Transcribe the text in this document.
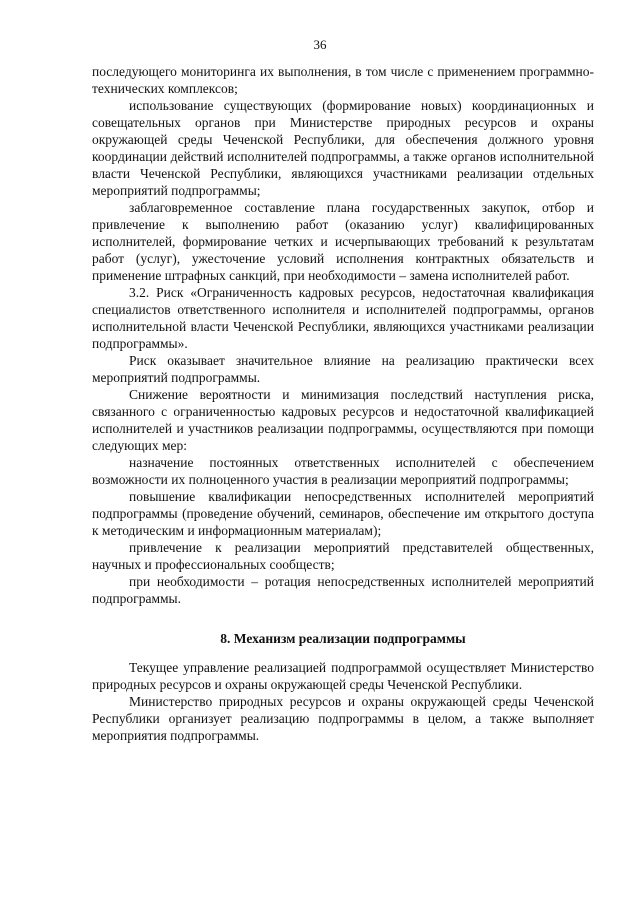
36

последующего мониторинга их выполнения, в том числе с применением программно-технических комплексов;

использование существующих (формирование новых) координационных и совещательных органов при Министерстве природных ресурсов и охраны окружающей среды Чеченской Республики, для обеспечения должного уровня координации действий исполнителей подпрограммы, а также органов исполнительной власти Чеченской Республики, являющихся участниками реализации отдельных мероприятий подпрограммы;

заблаговременное составление плана государственных закупок, отбор и привлечение к выполнению работ (оказанию услуг) квалифицированных исполнителей, формирование четких и исчерпывающих требований к результатам работ (услуг), ужесточение условий исполнения контрактных обязательств и применение штрафных санкций, при необходимости – замена исполнителей работ.

3.2. Риск «Ограниченность кадровых ресурсов, недостаточная квалификация специалистов ответственного исполнителя и исполнителей подпрограммы, органов исполнительной власти Чеченской Республики, являющихся участниками реализации подпрограммы».

Риск оказывает значительное влияние на реализацию практически всех мероприятий подпрограммы.

Снижение вероятности и минимизация последствий наступления риска, связанного с ограниченностью кадровых ресурсов и недостаточной квалификацией исполнителей и участников реализации подпрограммы, осуществляются при помощи следующих мер:

назначение постоянных ответственных исполнителей с обеспечением возможности их полноценного участия в реализации мероприятий подпрограммы;

повышение квалификации непосредственных исполнителей мероприятий подпрограммы (проведение обучений, семинаров, обеспечение им открытого доступа к методическим и информационным материалам);

привлечение к реализации мероприятий представителей общественных, научных и профессиональных сообществ;

при необходимости – ротация непосредственных исполнителей мероприятий подпрограммы.

8. Механизм реализации подпрограммы

Текущее управление реализацией подпрограммой осуществляет Министерство природных ресурсов и охраны окружающей среды Чеченской Республики.

Министерство природных ресурсов и охраны окружающей среды Чеченской Республики организует реализацию подпрограммы в целом, а также выполняет мероприятия подпрограммы.
